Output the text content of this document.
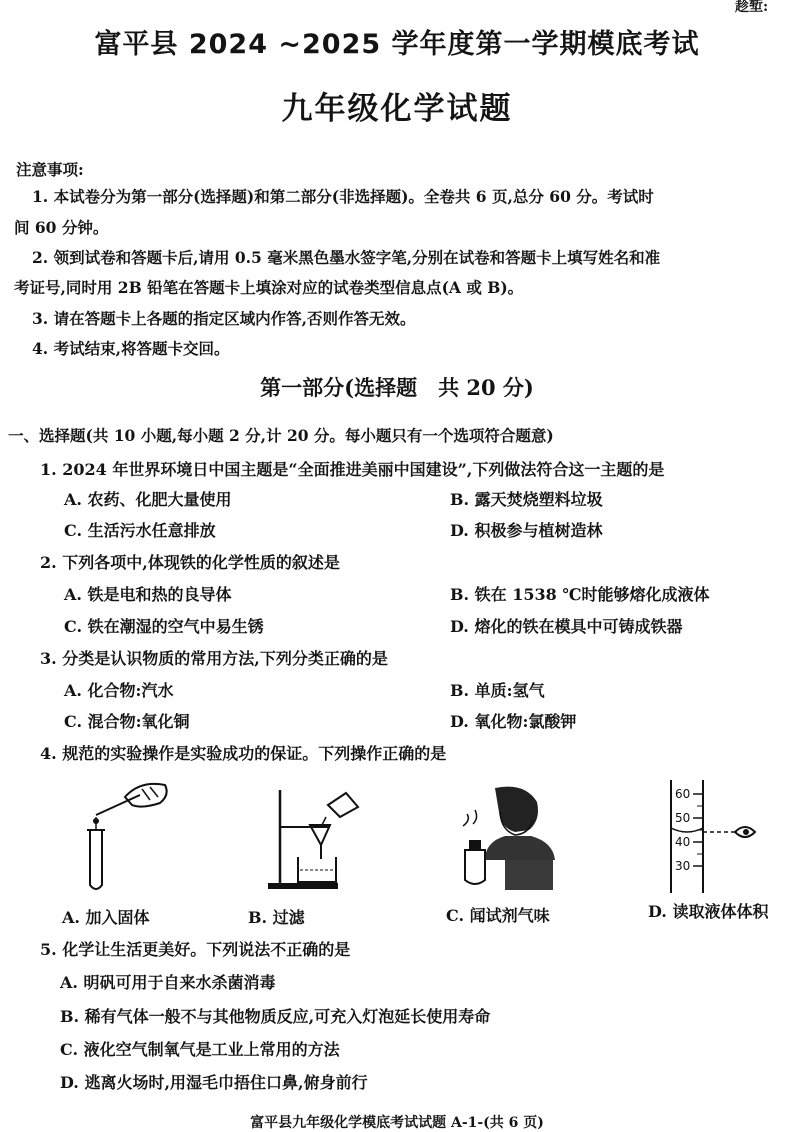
趁堑:
富平县 2024 ~2025 学年度第一学期模底考试
九年级化学试题
注意事项:
1. 本试卷分为第一部分(选择题)和第二部分(非选择题)。全卷共 6 页,总分 60 分。考试时
间 60 分钟。
2. 领到试卷和答题卡后,请用 0.5 毫米黑色墨水签字笔,分别在试卷和答题卡上填写姓名和准
考证号,同时用 2B 铅笔在答题卡上填涂对应的试卷类型信息点(A 或 B)。
3. 请在答题卡上各题的指定区域内作答,否则作答无效。
4. 考试结束,将答题卡交回。
第一部分(选择题　共 20 分)
一、选择题(共 10 小题,每小题 2 分,计 20 分。每小题只有一个选项符合题意)
1. 2024 年世界环境日中国主题是“全面推进美丽中国建设”,下列做法符合这一主题的是
A. 农药、化肥大量使用	B. 露天焚烧塑料垃圾
C. 生活污水任意排放	D. 积极参与植树造林
2. 下列各项中,体现铁的化学性质的叙述是
A. 铁是电和热的良导体	B. 铁在 1538 ℃时能够熔化成液体
C. 铁在潮湿的空气中易生锈	D. 熔化的铁在模具中可铸成铁器
3. 分类是认识物质的常用方法,下列分类正确的是
A. 化合物:汽水	B. 单质:氢气
C. 混合物:氧化铜	D. 氧化物:氯酸钾
4. 规范的实验操作是实验成功的保证。下列操作正确的是
60
50
40
30
A. 加入固体	B. 过滤	C. 闻试剂气味	D. 读取液体体积
5. 化学让生活更美好。下列说法不正确的是
A. 明矾可用于自来水杀菌消毒
B. 稀有气体一般不与其他物质反应,可充入灯泡延长使用寿命
C. 液化空气制氧气是工业上常用的方法
D. 逃离火场时,用湿毛巾捂住口鼻,俯身前行
富平县九年级化学模底考试试题 A-1-(共 6 页)
